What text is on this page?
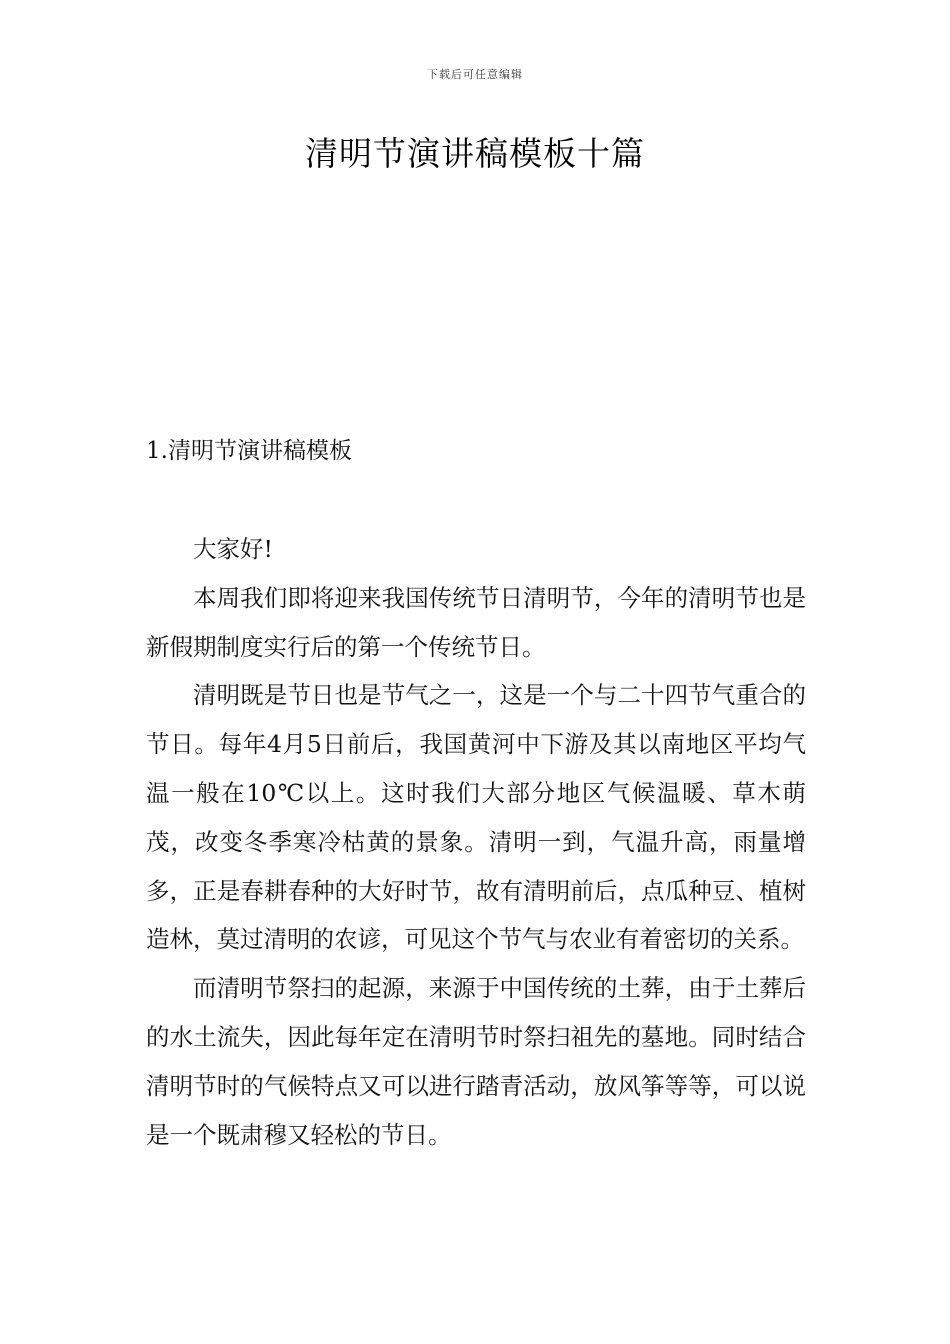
下载后可任意编辑
清明节演讲稿模板十篇
1.清明节演讲稿模板

大家好!

本周我们即将迎来我国传统节日清明节，今年的清明节也是新假期制度实行后的第一个传统节日。

清明既是节日也是节气之一，这是一个与二十四节气重合的节日。每年4月5日前后，我国黄河中下游及其以南地区平均气温一般在10℃以上。这时我们大部分地区气候温暖、草木萌茂，改变冬季寒冷枯黄的景象。清明一到，气温升高，雨量增多，正是春耕春种的大好时节，故有清明前后，点瓜种豆、植树造林，莫过清明的农谚，可见这个节气与农业有着密切的关系。

而清明节祭扫的起源，来源于中国传统的土葬，由于土葬后的水土流失，因此每年定在清明节时祭扫祖先的墓地。同时结合清明节时的气候特点又可以进行踏青活动，放风筝等等，可以说是一个既肃穆又轻松的节日。
